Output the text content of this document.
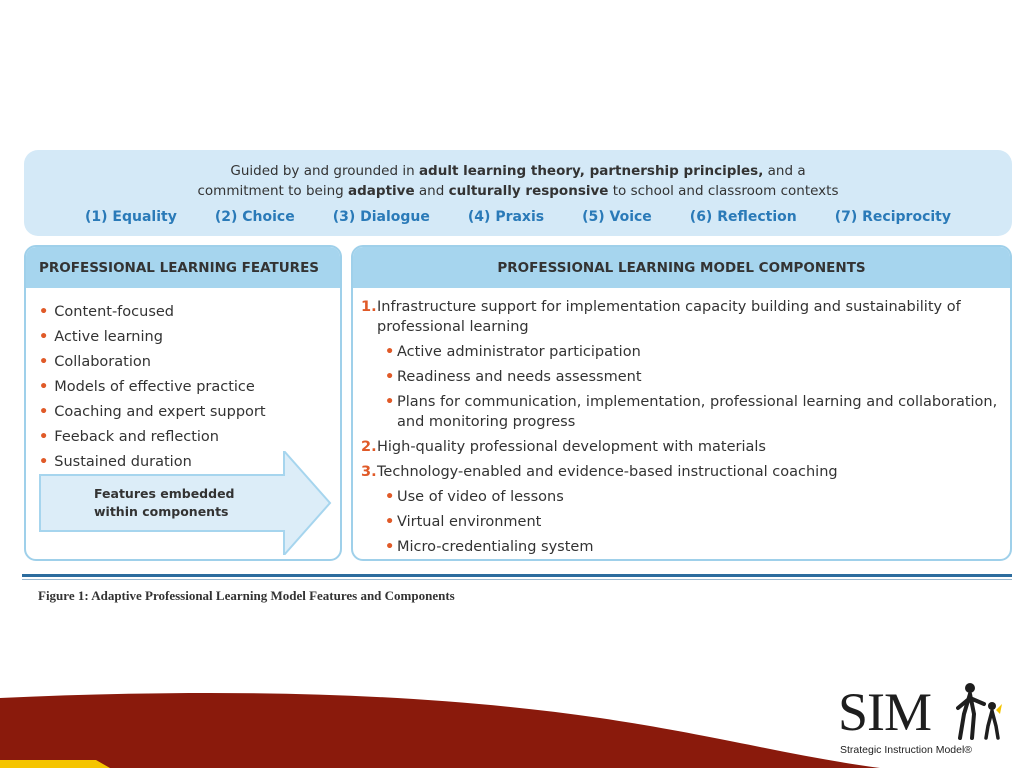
Guided by and grounded in adult learning theory, partnership principles, and a
commitment to being adaptive and culturally responsive to school and classroom contexts
(1) Equality	(2) Choice	(3) Dialogue	(4) Praxis	(5) Voice	(6) Reflection	(7) Reciprocity
PROFESSIONAL LEARNING FEATURES
• Content-focused
• Active learning
• Collaboration
• Models of effective practice
• Coaching and expert support
• Feeback and reflection
• Sustained duration
Features embedded
within components
PROFESSIONAL LEARNING MODEL COMPONENTS
1. Infrastructure support for implementation capacity building and sustainability of professional learning
• Active administrator participation
• Readiness and needs assessment
• Plans for communication, implementation, professional learning and collaboration, and monitoring progress
2. High-quality professional development with materials
3. Technology-enabled and evidence-based instructional coaching
• Use of video of lessons
• Virtual environment
• Micro-credentialing system
Figure 1: Adaptive Professional Learning Model Features and Components
SIM
Strategic Instruction Model®
